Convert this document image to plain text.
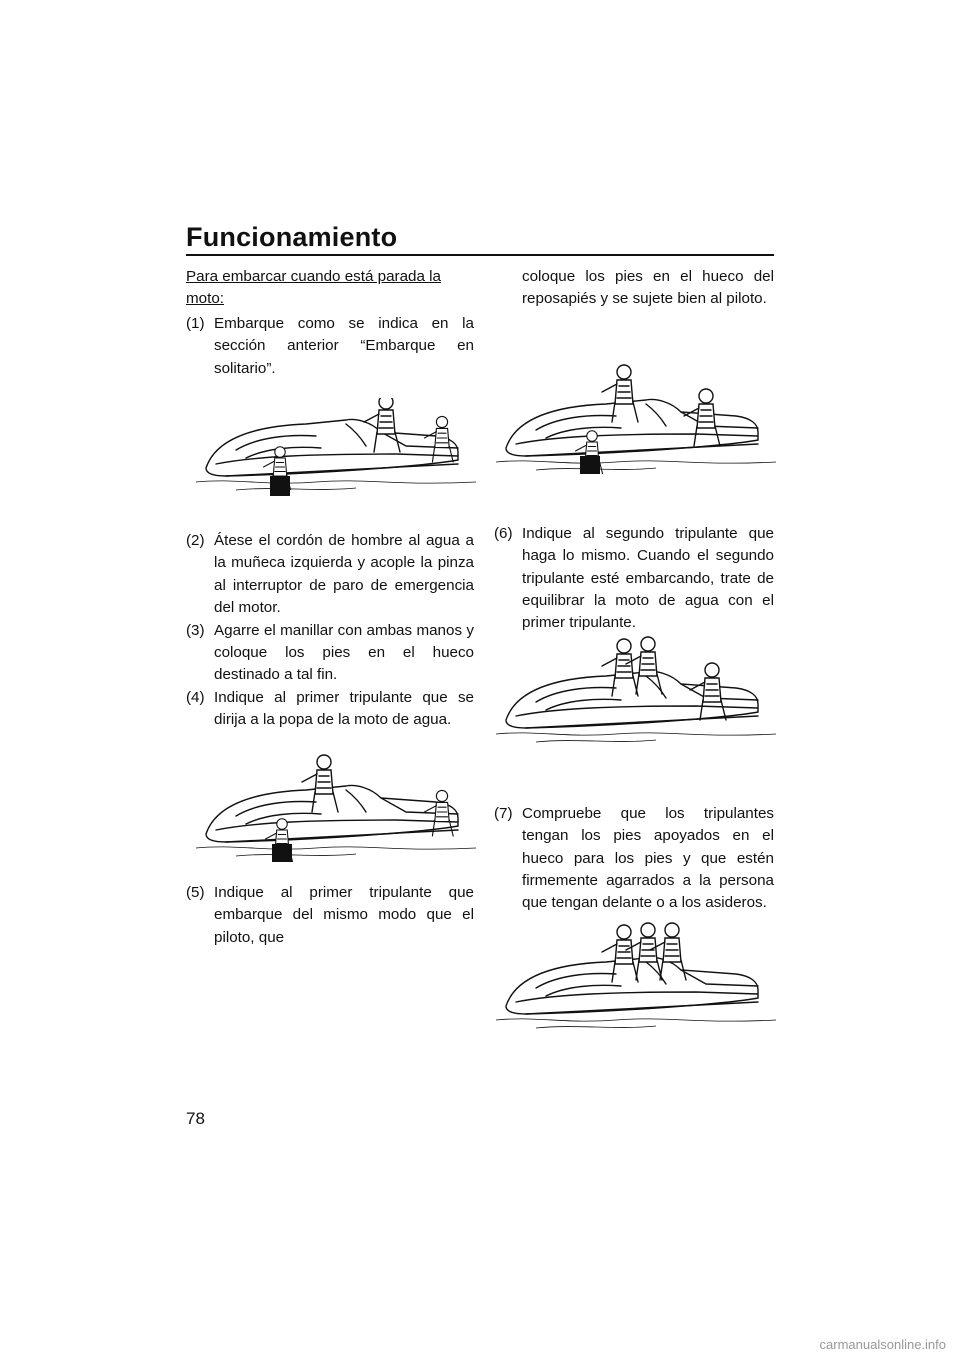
Funcionamiento

Para embarcar cuando está parada la moto:

(1) Embarque como se indica en la sección anterior “Embarque en solitario”.
(2) Átese el cordón de hombre al agua a la muñeca izquierda y acople la pinza al interruptor de paro de emergencia del motor.
(3) Agarre el manillar con ambas manos y coloque los pies en el hueco destinado a tal fin.
(4) Indique al primer tripulante que se dirija a la popa de la moto de agua.
(5) Indique al primer tripulante que embarque del mismo modo que el piloto, que

coloque los pies en el hueco del reposapiés y se sujete bien al piloto.

(6) Indique al segundo tripulante que haga lo mismo. Cuando el segundo tripulante esté embarcando, trate de equilibrar la moto de agua con el primer tripulante.
(7) Compruebe que los tripulantes tengan los pies apoyados en el hueco para los pies y que estén firmemente agarrados a la persona que tengan delante o a los asideros.
78
carmanualsonline.info
